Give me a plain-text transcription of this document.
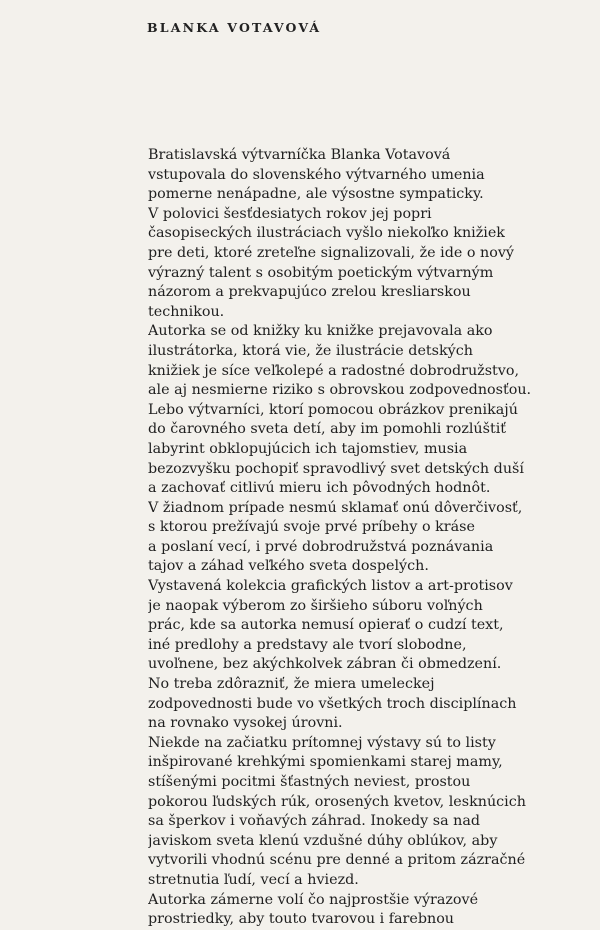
BLANKA VOTAVOVÁ
Bratislavská výtvarníčka Blanka Votavová
vstupovala do slovenského výtvarného umenia
pomerne nenápadne, ale výsostne sympaticky.
V polovici šesťdesiatych rokov jej popri
časopiseckých ilustráciach vyšlo niekoľko knižiek
pre deti, ktoré zreteľne signalizovali, že ide o nový
výrazný talent s osobitým poetickým výtvarným
názorom a prekvapujúco zrelou kresliarskou
technikou.
Autorka se od knižky ku knižke prejavovala ako
ilustrátorka, ktorá vie, že ilustrácie detských
knižiek je síce veľkolepé a radostné dobrodružstvo,
ale aj nesmierne riziko s obrovskou zodpovednosťou.
Lebo výtvarníci, ktorí pomocou obrázkov prenikajú
do čarovného sveta detí, aby im pomohli rozlúštiť
labyrint obklopujúcich ich tajomstiev, musia
bezozvyšku pochopiť spravodlivý svet detských duší
a zachovať citlivú mieru ich pôvodných hodnôt.
V žiadnom prípade nesmú sklamať onú dôverčivosť,
s ktorou prežívajú svoje prvé príbehy o kráse
a poslaní vecí, i prvé dobrodružstvá poznávania
tajov a záhad veľkého sveta dospelých.
Vystavená kolekcia grafických listov a art-protisov
je naopak výberom zo širšieho súboru voľných
prác, kde sa autorka nemusí opierať o cudzí text,
iné predlohy a predstavy ale tvorí slobodne,
uvoľnene, bez akýchkolvek zábran či obmedzení.
No treba zdôrazniť, že miera umeleckej
zodpovednosti bude vo všetkých troch disciplínach
na rovnako vysokej úrovni.
Niekde na začiatku prítomnej výstavy sú to listy
inšpirované krehkými spomienkami starej mamy,
stíšenými pocitmi šťastných neviest, prostou
pokorou ľudských rúk, orosených kvetov, lesknúcich
sa šperkov i voňavých záhrad. Inokedy sa nad
javiskom sveta klenú vzdušné dúhy oblúkov, aby
vytvorili vhodnú scénu pre denné a pritom zázračné
stretnutia ľudí, vecí a hviezd.
Autorka zámerne volí čo najprostšie výrazové
prostriedky, aby touto tvarovou i farebnou
